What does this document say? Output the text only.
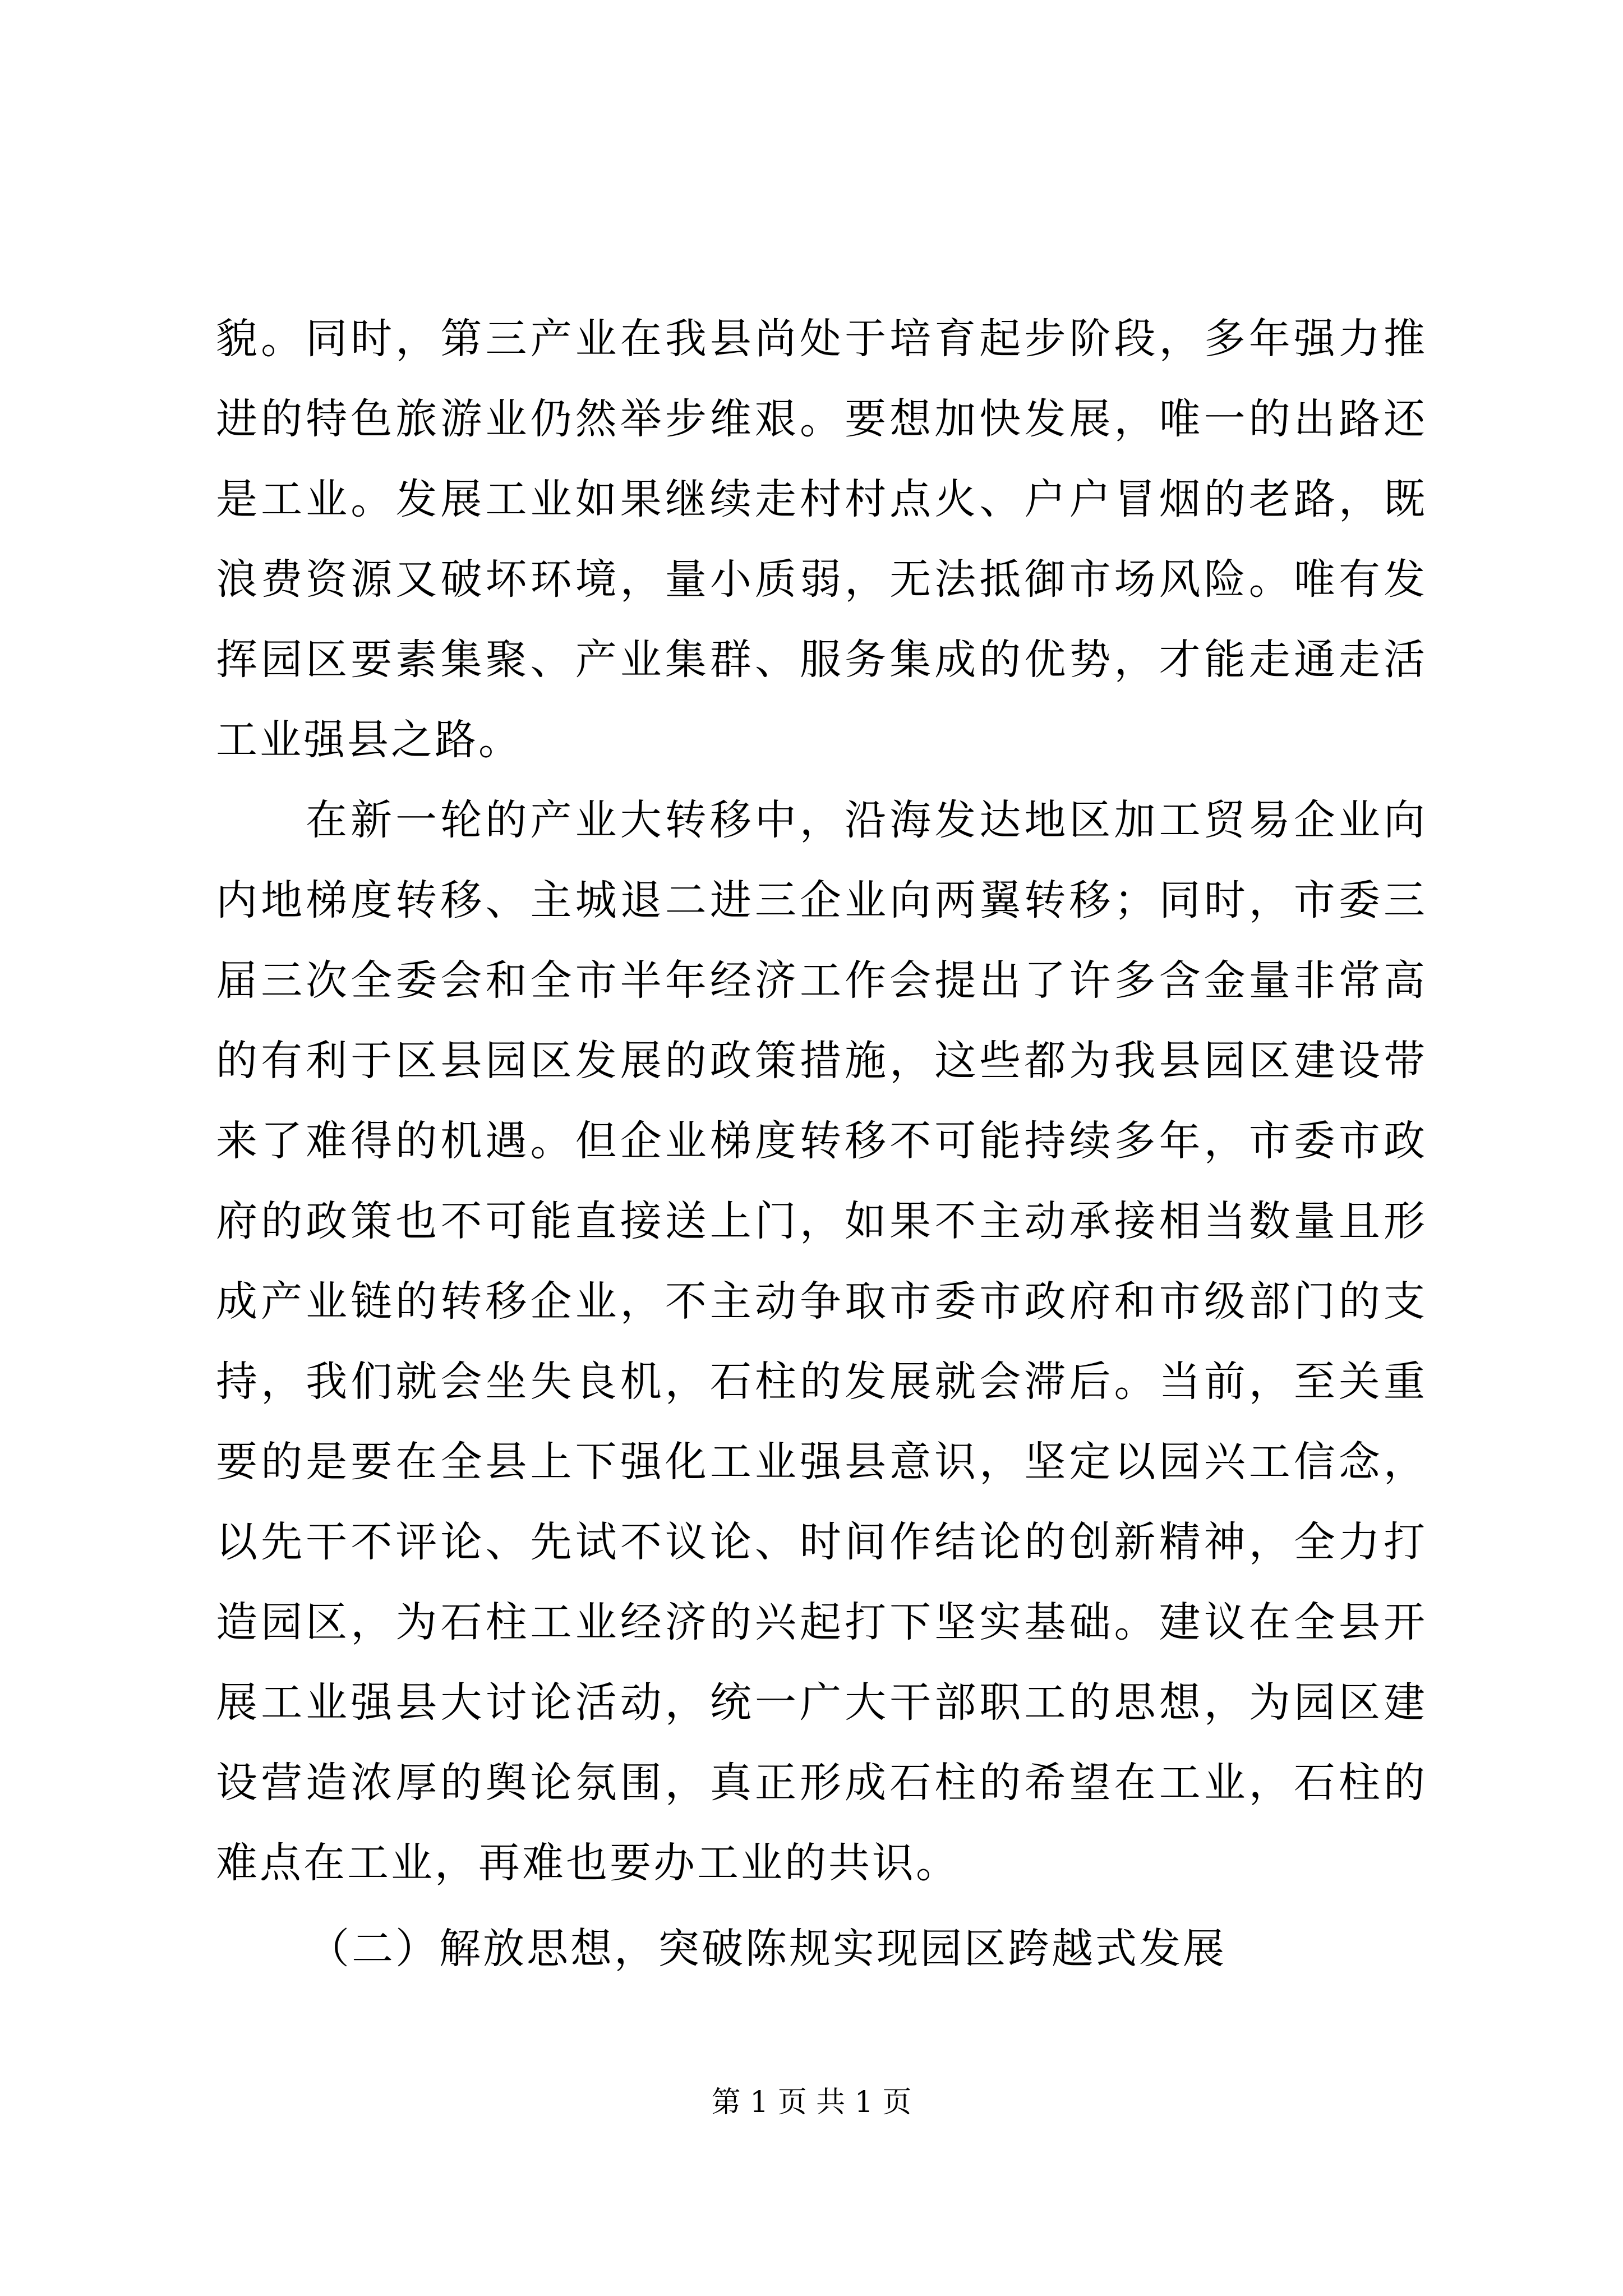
貌。同时，第三产业在我县尚处于培育起步阶段，多年强力推进的特色旅游业仍然举步维艰。要想加快发展，唯一的出路还是工业。发展工业如果继续走村村点火、户户冒烟的老路，既浪费资源又破坏环境，量小质弱，无法抵御市场风险。唯有发挥园区要素集聚、产业集群、服务集成的优势，才能走通走活工业强县之路。

在新一轮的产业大转移中，沿海发达地区加工贸易企业向内地梯度转移、主城退二进三企业向两翼转移；同时，市委三届三次全委会和全市半年经济工作会提出了许多含金量非常高的有利于区县园区发展的政策措施，这些都为我县园区建设带来了难得的机遇。但企业梯度转移不可能持续多年，市委市政府的政策也不可能直接送上门，如果不主动承接相当数量且形成产业链的转移企业，不主动争取市委市政府和市级部门的支持，我们就会坐失良机，石柱的发展就会滞后。当前，至关重要的是要在全县上下强化工业强县意识，坚定以园兴工信念，以先干不评论、先试不议论、时间作结论的创新精神，全力打造园区，为石柱工业经济的兴起打下坚实基础。建议在全县开展工业强县大讨论活动，统一广大干部职工的思想，为园区建设营造浓厚的舆论氛围，真正形成石柱的希望在工业，石柱的难点在工业，再难也要办工业的共识。

（二）解放思想，突破陈规实现园区跨越式发展

第 1 页 共 1 页
